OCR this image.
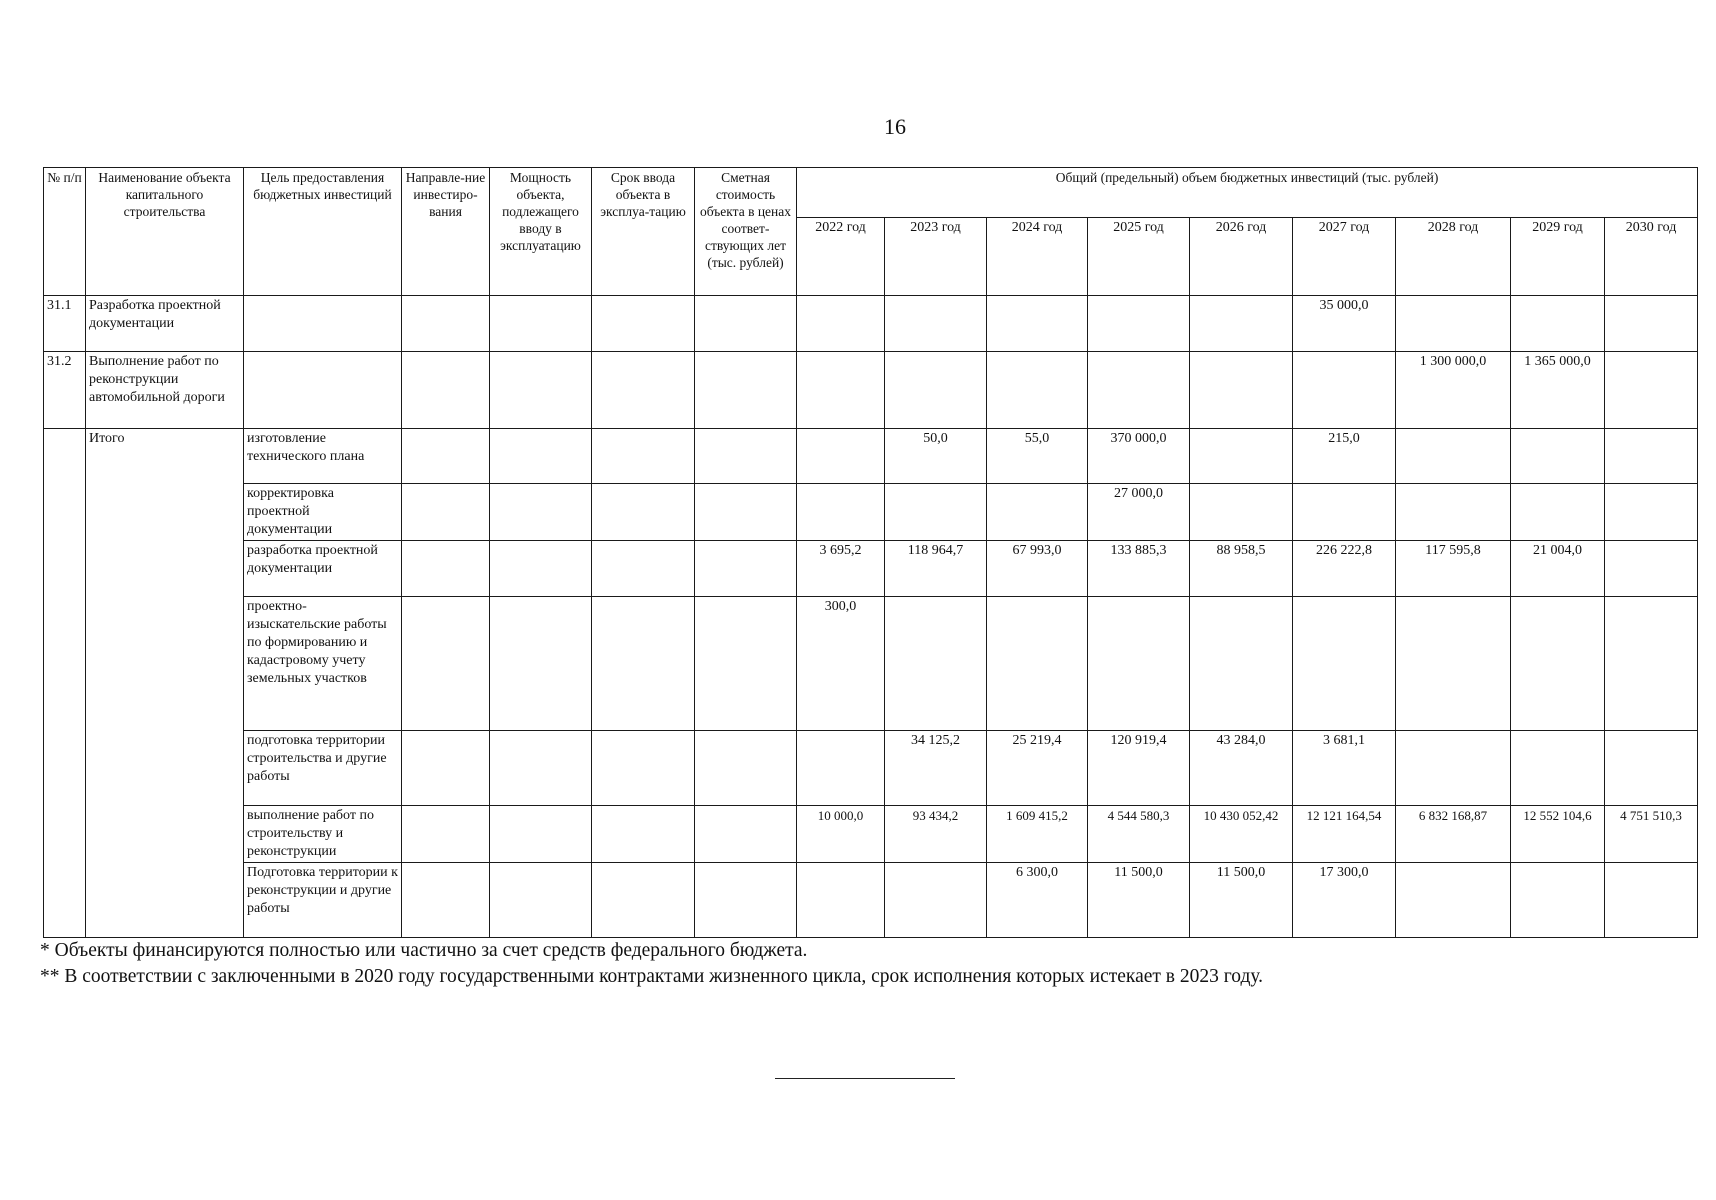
16
№ п/п	Наименование объекта капитального строительства	Цель предоставления бюджетных инвестиций	Направле-ние инвестиро-вания	Мощность объекта, подлежащего вводу в эксплуатацию	Срок ввода объекта в эксплуа-тацию	Сметная стоимость объекта в ценах соответ-ствующих лет (тыс. рублей)	Общий (предельный) объем бюджетных инвестиций (тыс. рублей)								
							2022 год	2023 год	2024 год	2025 год	2026 год	2027 год	2028 год	2029 год	2030 год
31.1	Разработка проектной документации											35 000,0			
31.2	Выполнение работ по реконструкции автомобильной дороги												1 300 000,0	1 365 000,0	
	Итого	изготовление технического плана						50,0	55,0	370 000,0		215,0			
		корректировка проектной документации								27 000,0					
		разработка проектной документации					3 695,2	118 964,7	67 993,0	133 885,3	88 958,5	226 222,8	117 595,8	21 004,0	
		проектно-изыскательские работы по формированию и кадастровому учету земельных участков					300,0								
		подготовка территории строительства и другие работы						34 125,2	25 219,4	120 919,4	43 284,0	3 681,1			
		выполнение работ по строительству и реконструкции					10 000,0	93 434,2	1 609 415,2	4 544 580,3	10 430 052,42	12 121 164,54	6 832 168,87	12 552 104,6	4 751 510,3
		Подготовка территории к реконструкции и другие работы							6 300,0	11 500,0	11 500,0	17 300,0			
* Объекты финансируются полностью или частично за счет средств федерального бюджета.
** В соответствии с заключенными в 2020 году государственными контрактами жизненного цикла, срок исполнения которых истекает в 2023 году.
